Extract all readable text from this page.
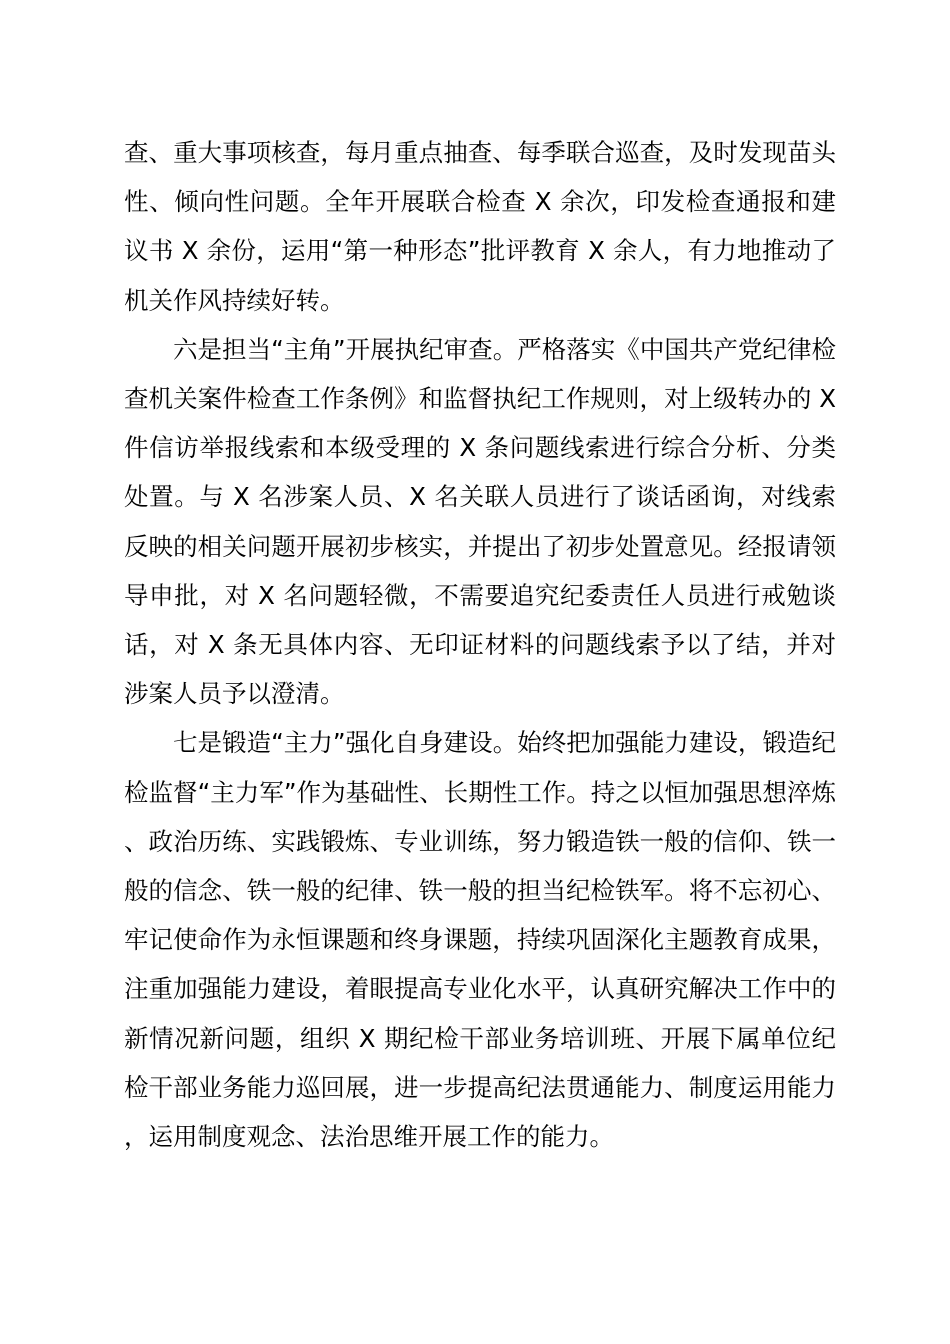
查、重大事项核查，每月重点抽查、每季联合巡查，及时发现苗头性、倾向性问题。全年开展联合检查 X 余次，印发检查通报和建议书 X 余份，运用“第一种形态”批评教育 X 余人，有力地推动了机关作风持续好转。

六是担当“主角”开展执纪审查。严格落实《中国共产党纪律检查机关案件检查工作条例》和监督执纪工作规则，对上级转办的 X 件信访举报线索和本级受理的 X 条问题线索进行综合分析、分类处置。与 X 名涉案人员、X 名关联人员进行了谈话函询，对线索反映的相关问题开展初步核实，并提出了初步处置意见。经报请领导申批，对 X 名问题轻微，不需要追究纪委责任人员进行戒勉谈话，对 X 条无具体内容、无印证材料的问题线索予以了结，并对涉案人员予以澄清。

七是锻造“主力”强化自身建设。始终把加强能力建设，锻造纪检监督“主力军”作为基础性、长期性工作。持之以恒加强思想淬炼、政治历练、实践锻炼、专业训练，努力锻造铁一般的信仰、铁一般的信念、铁一般的纪律、铁一般的担当纪检铁军。将不忘初心、牢记使命作为永恒课题和终身课题，持续巩固深化主题教育成果，注重加强能力建设，着眼提高专业化水平，认真研究解决工作中的新情况新问题，组织 X 期纪检干部业务培训班、开展下属单位纪检干部业务能力巡回展，进一步提高纪法贯通能力、制度运用能力，运用制度观念、法治思维开展工作的能力。
